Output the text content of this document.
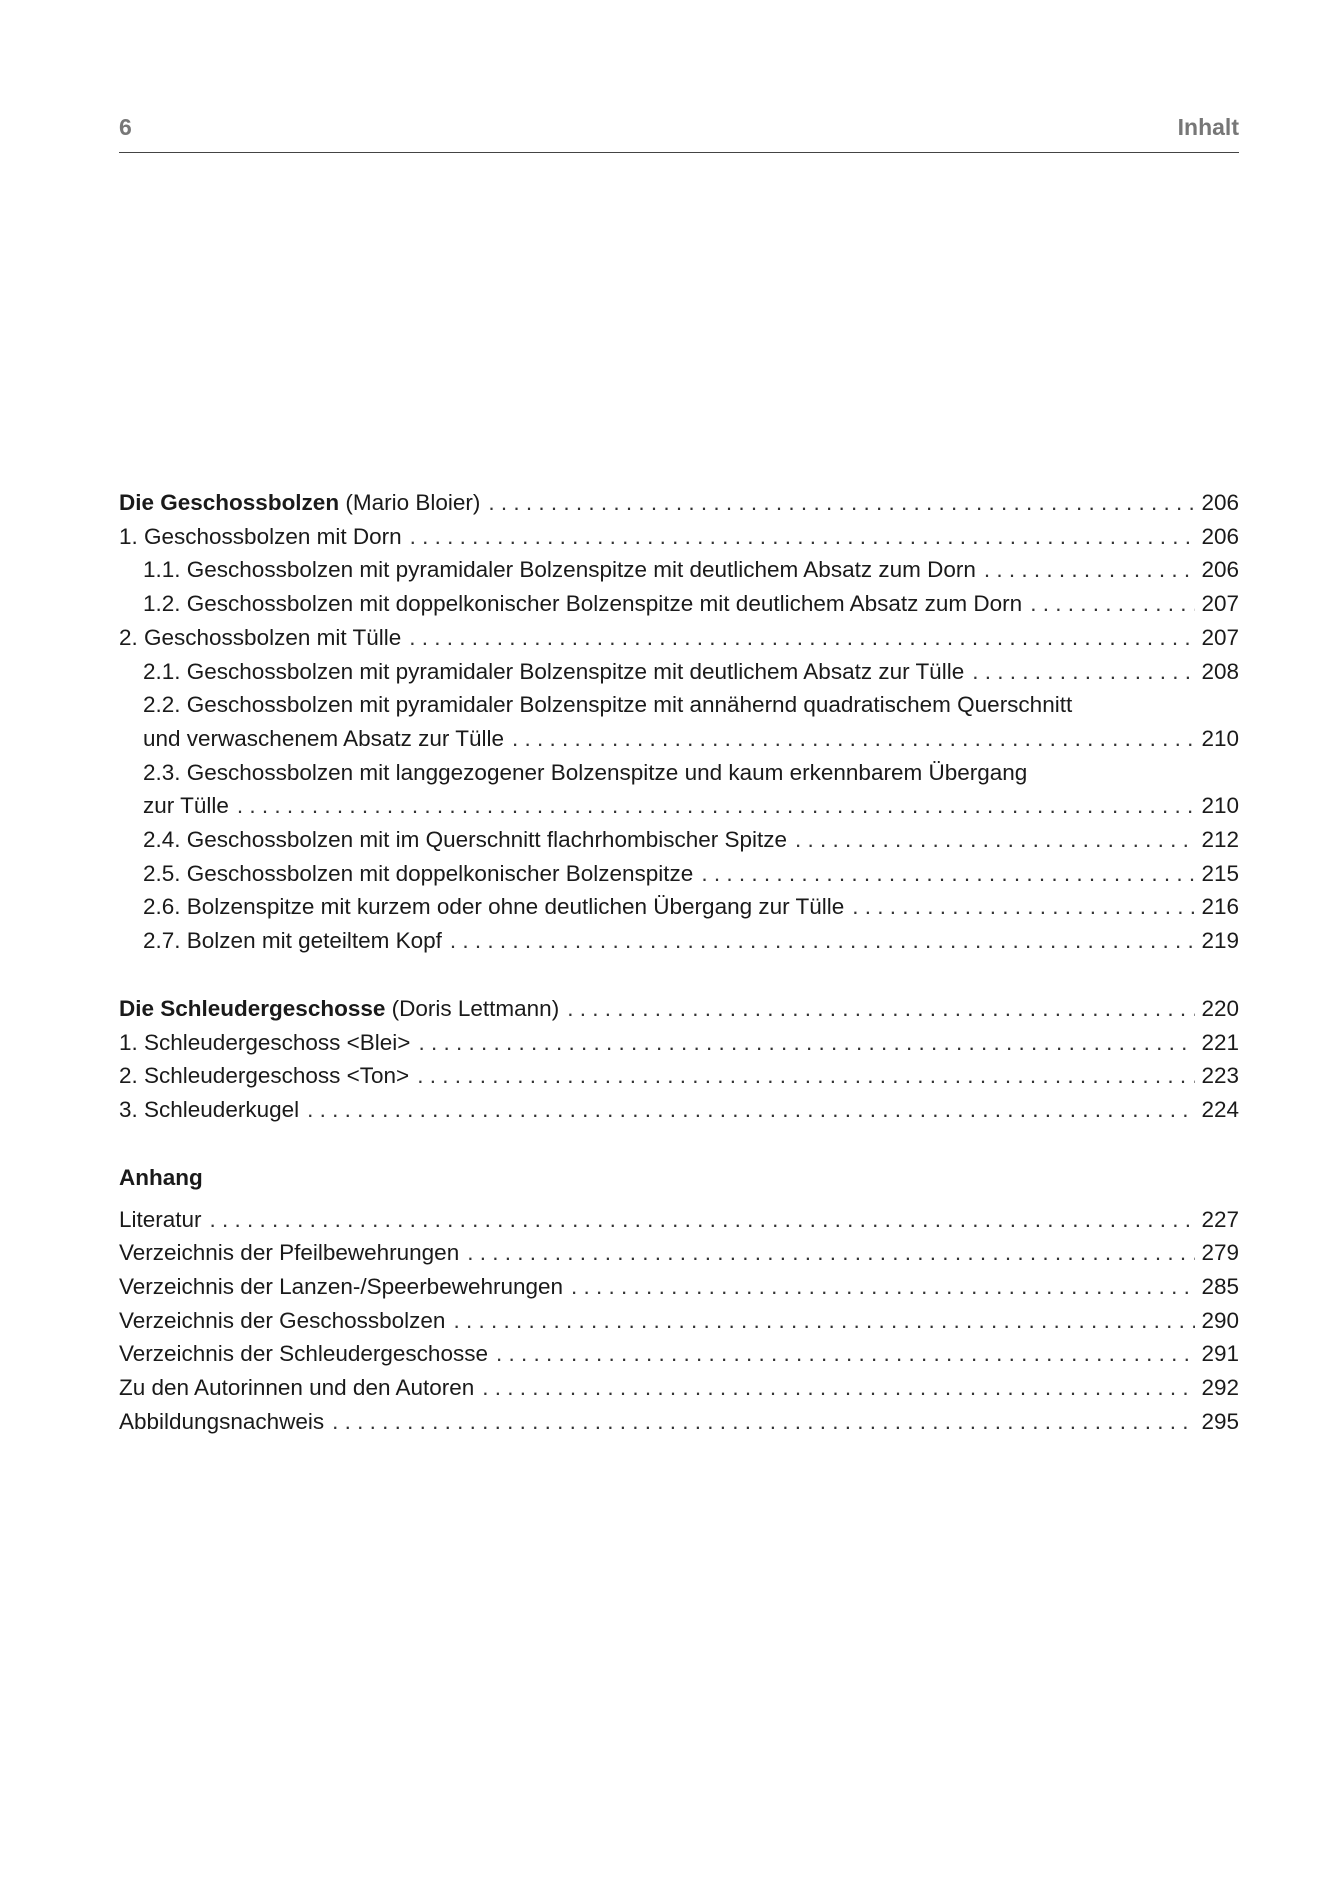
6	Inhalt
Die Geschossbolzen (Mario Bloier) . . .	206
1. Geschossbolzen mit Dorn . . .	206
1.1. Geschossbolzen mit pyramidaler Bolzenspitze mit deutlichem Absatz zum Dorn . . .	206
1.2. Geschossbolzen mit doppelkonischer Bolzenspitze mit deutlichem Absatz zum Dorn . . .	207
2. Geschossbolzen mit Tülle . . .	207
2.1. Geschossbolzen mit pyramidaler Bolzenspitze mit deutlichem Absatz zur Tülle . . .	208
2.2. Geschossbolzen mit pyramidaler Bolzenspitze mit annähernd quadratischem Querschnitt
und verwaschenem Absatz zur Tülle . . .	210
2.3. Geschossbolzen mit langgezogener Bolzenspitze und kaum erkennbarem Übergang
zur Tülle . . .	210
2.4. Geschossbolzen mit im Querschnitt flachrhombischer Spitze . . .	212
2.5. Geschossbolzen mit doppelkonischer Bolzenspitze . . .	215
2.6. Bolzenspitze mit kurzem oder ohne deutlichen Übergang zur Tülle . . .	216
2.7. Bolzen mit geteiltem Kopf . . .	219
Die Schleudergeschosse (Doris Lettmann) . . .	220
1. Schleudergeschoss <Blei> . . .	221
2. Schleudergeschoss <Ton> . . .	223
3. Schleuderkugel . . .	224
Anhang
Literatur . . .	227
Verzeichnis der Pfeilbewehrungen . . .	279
Verzeichnis der Lanzen-/Speerbewehrungen . . .	285
Verzeichnis der Geschossbolzen . . .	290
Verzeichnis der Schleudergeschosse . . .	291
Zu den Autorinnen und den Autoren . . .	292
Abbildungsnachweis . . .	295
